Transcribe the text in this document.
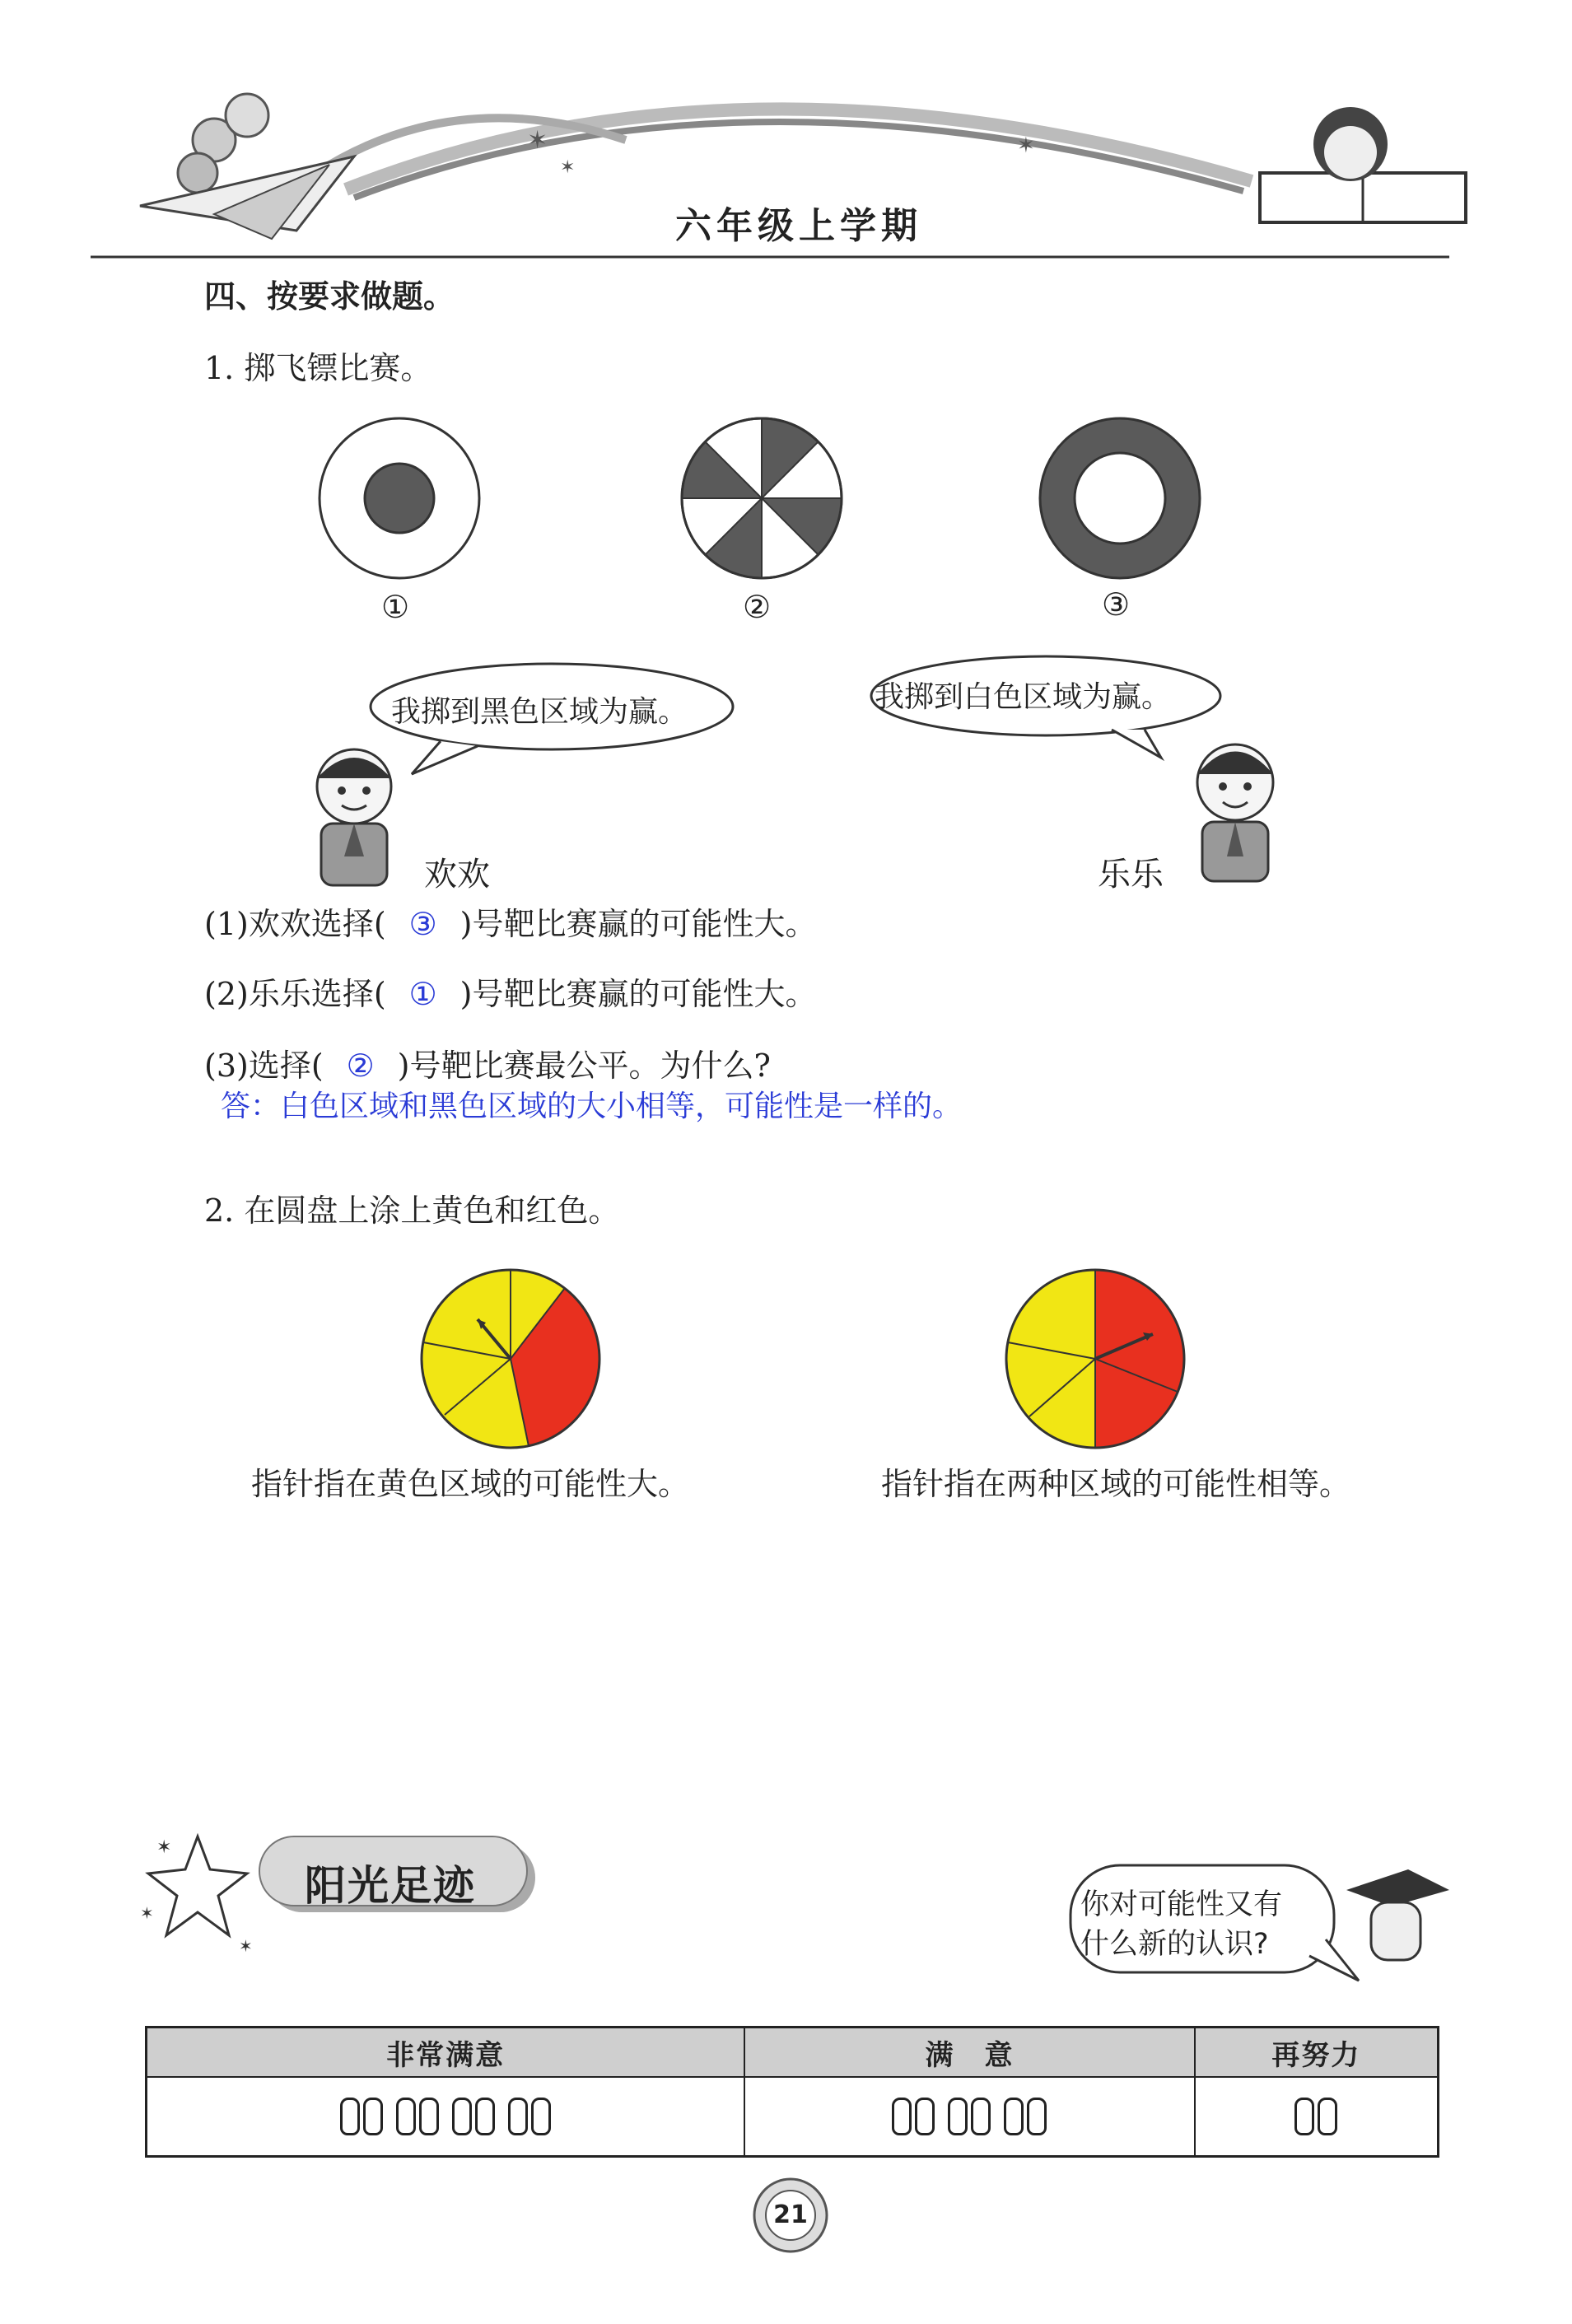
✶
✶
✶
六年级上学期
四、按要求做题。
1. 掷飞镖比赛。
①	②	③
我掷到黑色区域为赢。	我掷到白色区域为赢。
欢欢	乐乐
(1)欢欢选择( ③ )号靶比赛赢的可能性大。
(2)乐乐选择( ① )号靶比赛赢的可能性大。
(3)选择( ② )号靶比赛最公平。为什么?
答：白色区域和黑色区域的大小相等，可能性是一样的。
2. 在圆盘上涂上黄色和红色。
指针指在黄色区域的可能性大。	指针指在两种区域的可能性相等。
✶
✶
✶
阳光足迹	你对可能性又有
什么新的认识?
非常满意	满　意	再努力

21
